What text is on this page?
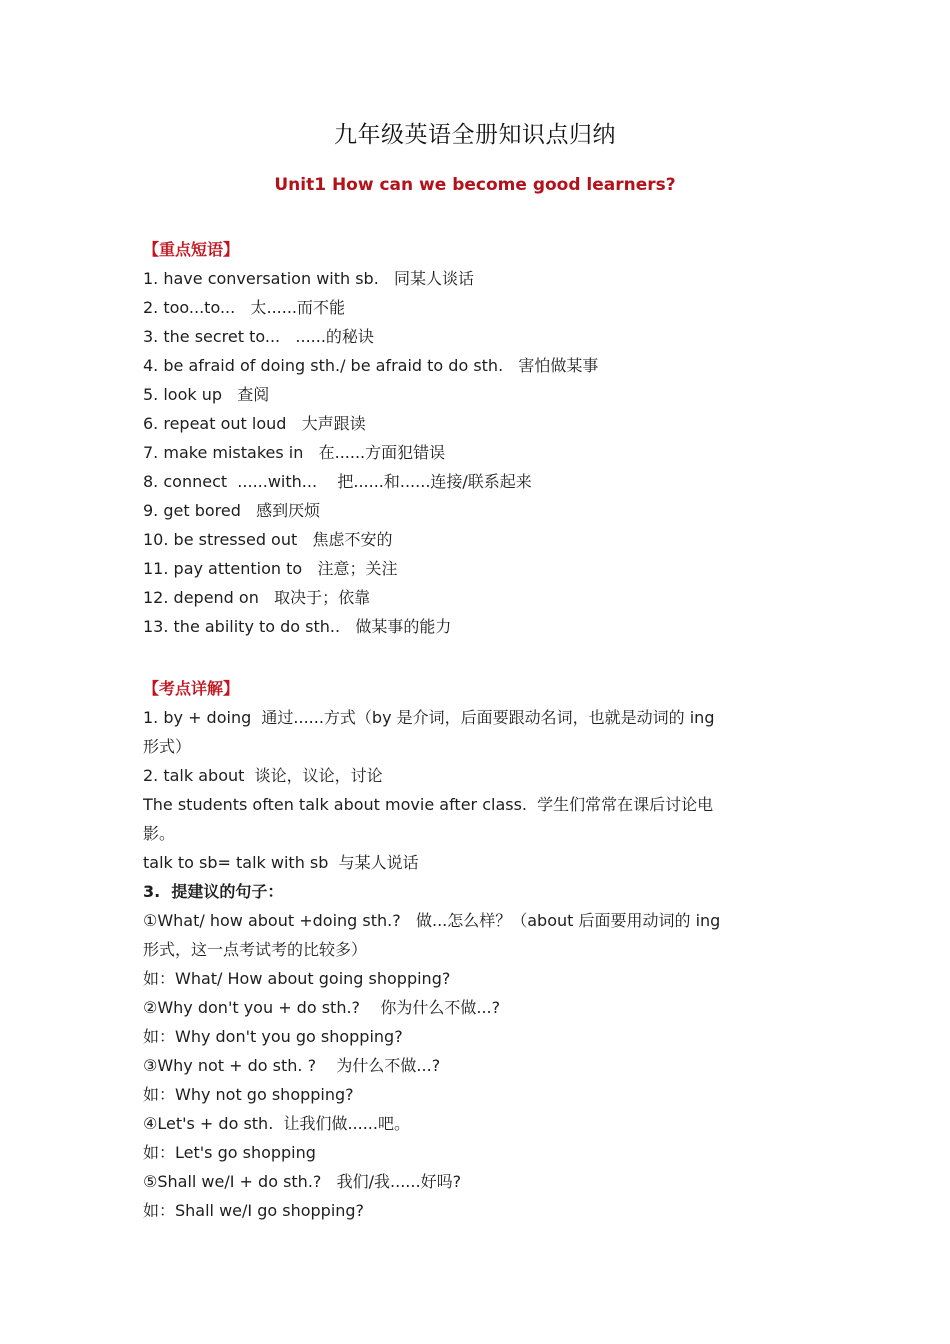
九年级英语全册知识点归纳
Unit1 How can we become good learners?
【重点短语】
1. have conversation with sb.   同某人谈话
2. too...to...   太......而不能
3. the secret to...   ......的秘诀
4. be afraid of doing sth./ be afraid to do sth.   害怕做某事
5. look up   查阅
6. repeat out loud   大声跟读
7. make mistakes in   在......方面犯错误
8. connect  ......with...    把......和......连接/联系起来
9. get bored   感到厌烦
10. be stressed out   焦虑不安的
11. pay attention to   注意；关注
12. depend on   取决于；依靠
13. the ability to do sth..   做某事的能力
【考点详解】
1. by + doing  通过......方式（by 是介词，后面要跟动名词，也就是动词的 ing
形式）
2. talk about  谈论，议论，讨论
The students often talk about movie after class.  学生们常常在课后讨论电
影。
talk to sb= talk with sb  与某人说话
3.  提建议的句子：
①What/ how about +doing sth.?   做...怎么样？（about 后面要用动词的 ing
形式，这一点考试考的比较多）
如：What/ How about going shopping?
②Why don't you + do sth.?    你为什么不做...?
如：Why don't you go shopping?
③Why not + do sth. ?    为什么不做...?
如：Why not go shopping?
④Let's + do sth.  让我们做......吧。
如：Let's go shopping
⑤Shall we/I + do sth.?   我们/我......好吗?
如：Shall we/I go shopping?
